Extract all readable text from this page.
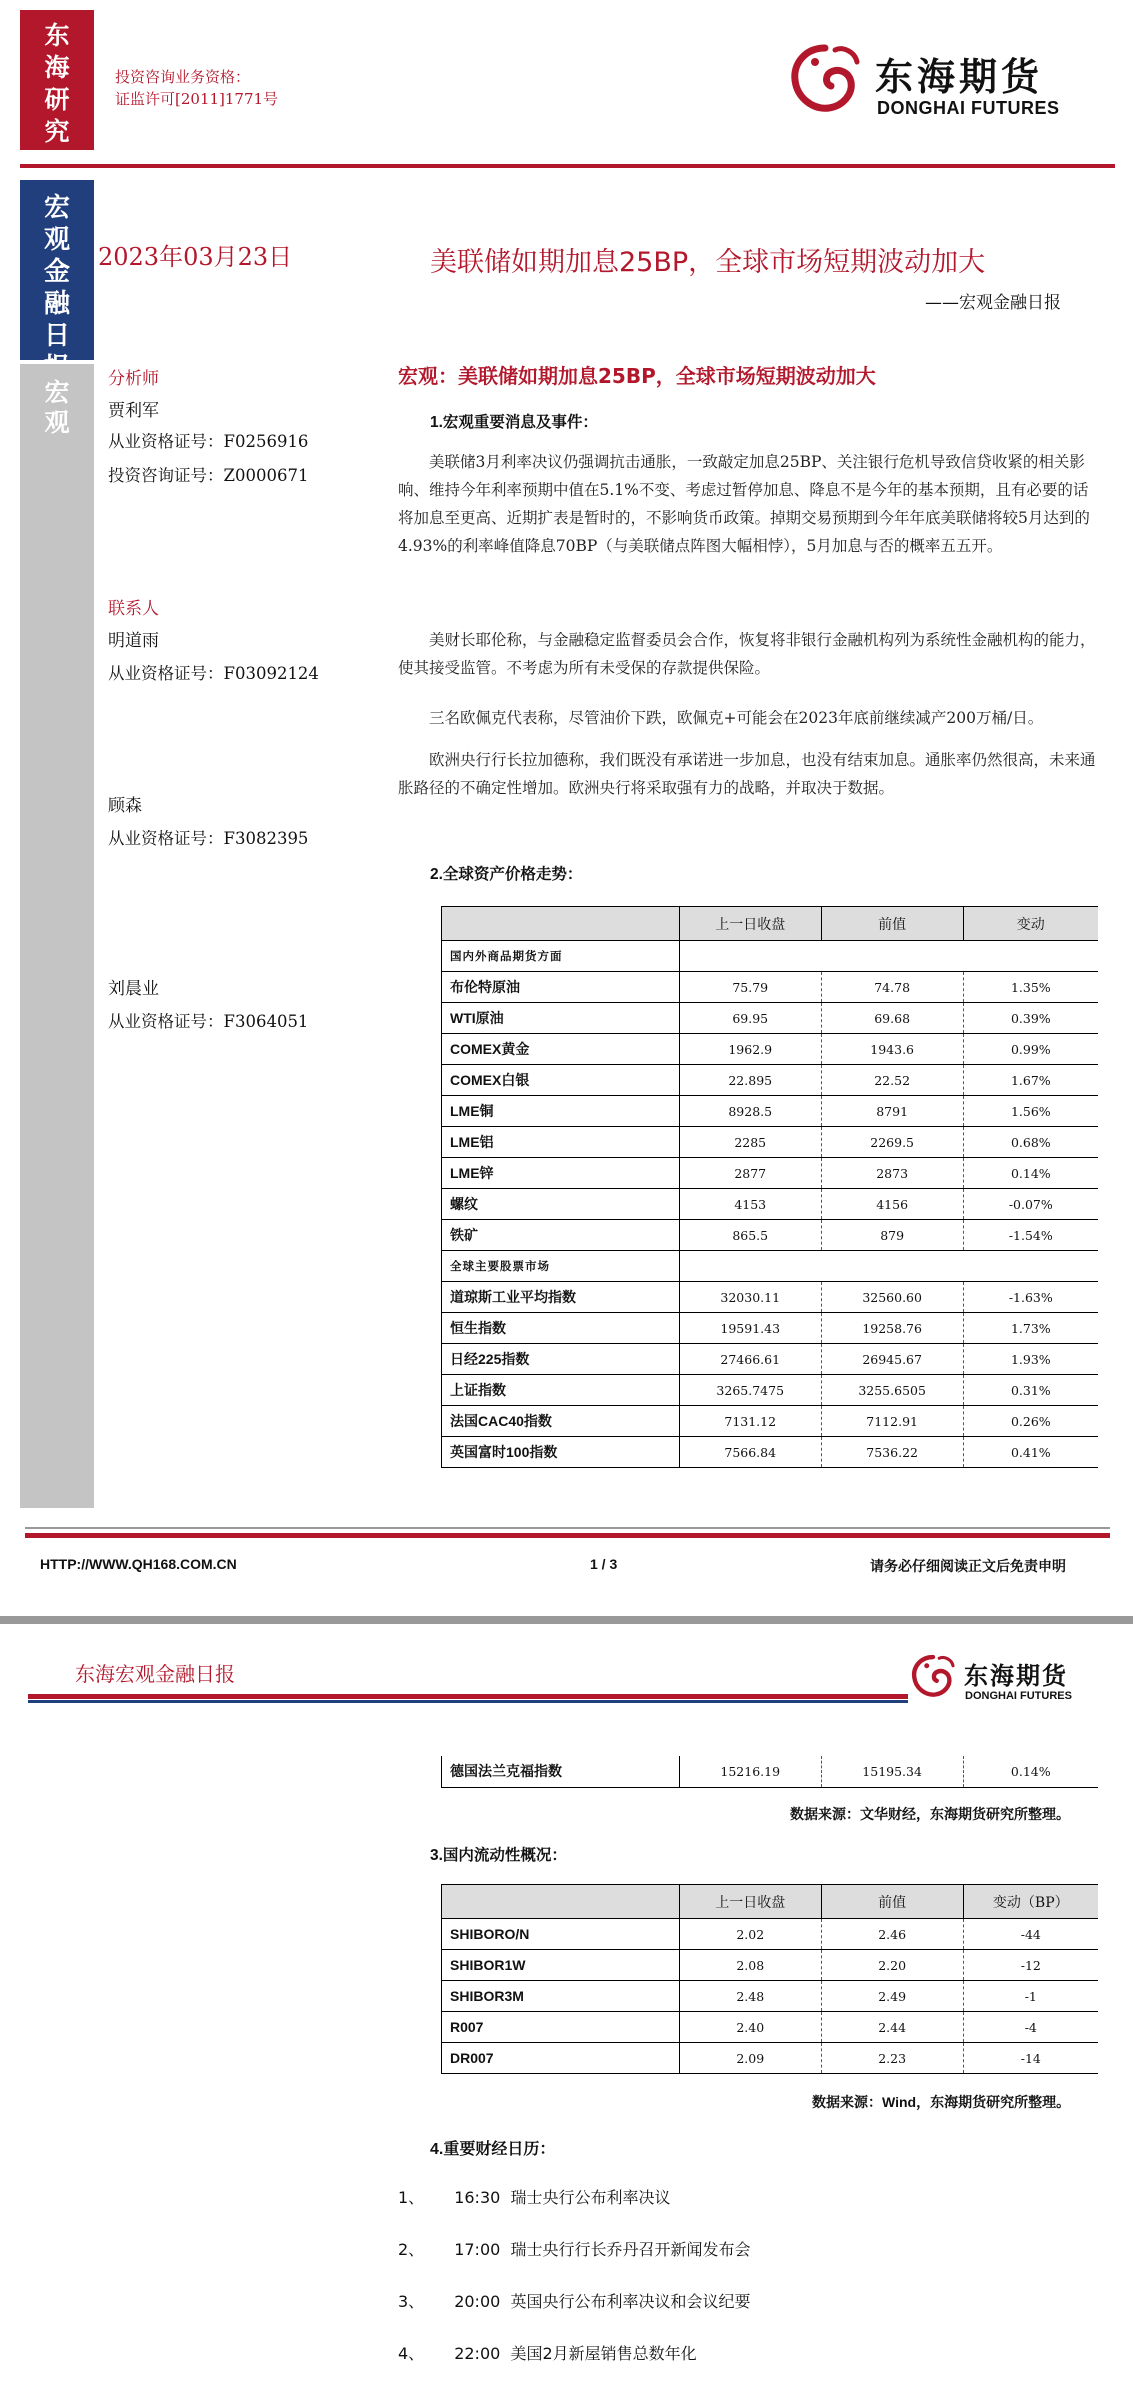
东海研究
投资咨询业务资格：
证监许可[2011]1771号	东海期货
DONGHAI FUTURES
宏观金融日
宏观
2023年03月23日	美联储如期加息25BP，全球市场短期波动加大
——宏观金融日报
分析师
贾利军
从业资格证号：F0256916
投资咨询证号：Z0000671
联系人
明道雨
从业资格证号：F03092124
顾森
从业资格证号：F3082395
刘晨业
从业资格证号：F3064051
宏观：美联储如期加息25BP，全球市场短期波动加大
1.宏观重要消息及事件：

美联储3月利率决议仍强调抗击通胀，一致敲定加息25BP、关注银行危机导致信贷收紧的相关影响、维持今年利率预期中值在5.1%不变、考虑过暂停加息、降息不是今年的基本预期，且有必要的话将加息至更高、近期扩表是暂时的，不影响货币政策。掉期交易预期到今年年底美联储将较5月达到的4.93%的利率峰值降息70BP（与美联储点阵图大幅相悖），5月加息与否的概率五五开。

美财长耶伦称，与金融稳定监督委员会合作，恢复将非银行金融机构列为系统性金融机构的能力，使其接受监管。不考虑为所有未受保的存款提供保险。

三名欧佩克代表称，尽管油价下跌，欧佩克+可能会在2023年底前继续减产200万桶/日。

欧洲央行行长拉加德称，我们既没有承诺进一步加息，也没有结束加息。通胀率仍然很高，未来通胀路径的不确定性增加。欧洲央行将采取强有力的战略，并取决于数据。

2.全球资产价格走势：
	上一日收盘	前值	变动
国内外商品期货方面			
布伦特原油	75.79	74.78	1.35%
WTI原油	69.95	69.68	0.39%
COMEX黄金	1962.9	1943.6	0.99%
COMEX白银	22.895	22.52	1.67%
LME铜	8928.5	8791	1.56%
LME铝	2285	2269.5	0.68%
LME锌	2877	2873	0.14%
螺纹	4153	4156	-0.07%
铁矿	865.5	879	-1.54%
全球主要股票市场			
道琼斯工业平均指数	32030.11	32560.60	-1.63%
恒生指数	19591.43	19258.76	1.73%
日经225指数	27466.61	26945.67	1.93%
上证指数	3265.7475	3255.6505	0.31%
法国CAC40指数	7131.12	7112.91	0.26%
英国富时100指数	7566.84	7536.22	0.41%
HTTP://WWW.QH168.COM.CN	1 / 3	请务必仔细阅读正文后免责申明
东海宏观金融日报	东海期货
DONGHAI FUTURES
德国法兰克福指数	15216.19	15195.34	0.14%
数据来源：文华财经，东海期货研究所整理。
3.国内流动性概况：
	上一日收盘	前值	变动（BP）
SHIBORO/N	2.02	2.46	-44
SHIBOR1W	2.08	2.20	-12
SHIBOR3M	2.48	2.49	-1
R007	2.40	2.44	-4
DR007	2.09	2.23	-14
数据来源：Wind，东海期货研究所整理。
4.重要财经日历：
1、 16:30 瑞士央行公布利率决议
2、 17:00 瑞士央行行长乔丹召开新闻发布会
3、 20:00 英国央行公布利率决议和会议纪要
4、 22:00 美国2月新屋销售总数年化
